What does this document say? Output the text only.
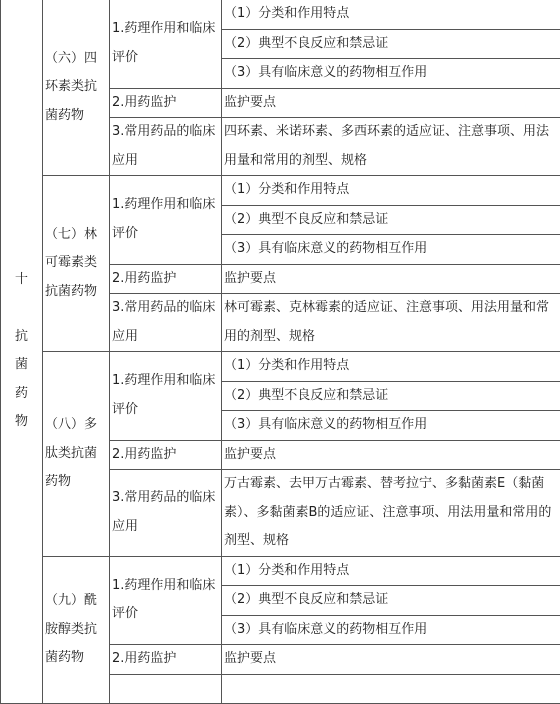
十
抗
菌
药
物	（六）四环素类抗菌药物	1.药理作用和临床评价	（1）分类和作用特点
			（2）典型不良反应和禁忌证
			（3）具有临床意义的药物相互作用
		2.用药监护	监护要点
		3.常用药品的临床应用	四环素、米诺环素、多西环素的适应证、注意事项、用法用量和常用的剂型、规格

	（七）林可霉素类抗菌药物	1.药理作用和临床评价	（1）分类和作用特点
			（2）典型不良反应和禁忌证
			（3）具有临床意义的药物相互作用
		2.用药监护	监护要点
		3.常用药品的临床应用	林可霉素、克林霉素的适应证、注意事项、用法用量和常用的剂型、规格

	（八）多肽类抗菌药物	1.药理作用和临床评价	（1）分类和作用特点
			（2）典型不良反应和禁忌证
			（3）具有临床意义的药物相互作用
		2.用药监护	监护要点
		3.常用药品的临床应用	万古霉素、去甲万古霉素、替考拉宁、多黏菌素E（黏菌素）、多黏菌素B的适应证、注意事项、用法用量和常用的剂型、规格

	（九）酰胺醇类抗菌药物	1.药理作用和临床评价	（1）分类和作用特点
			（2）典型不良反应和禁忌证
			（3）具有临床意义的药物相互作用
		2.用药监护	监护要点
